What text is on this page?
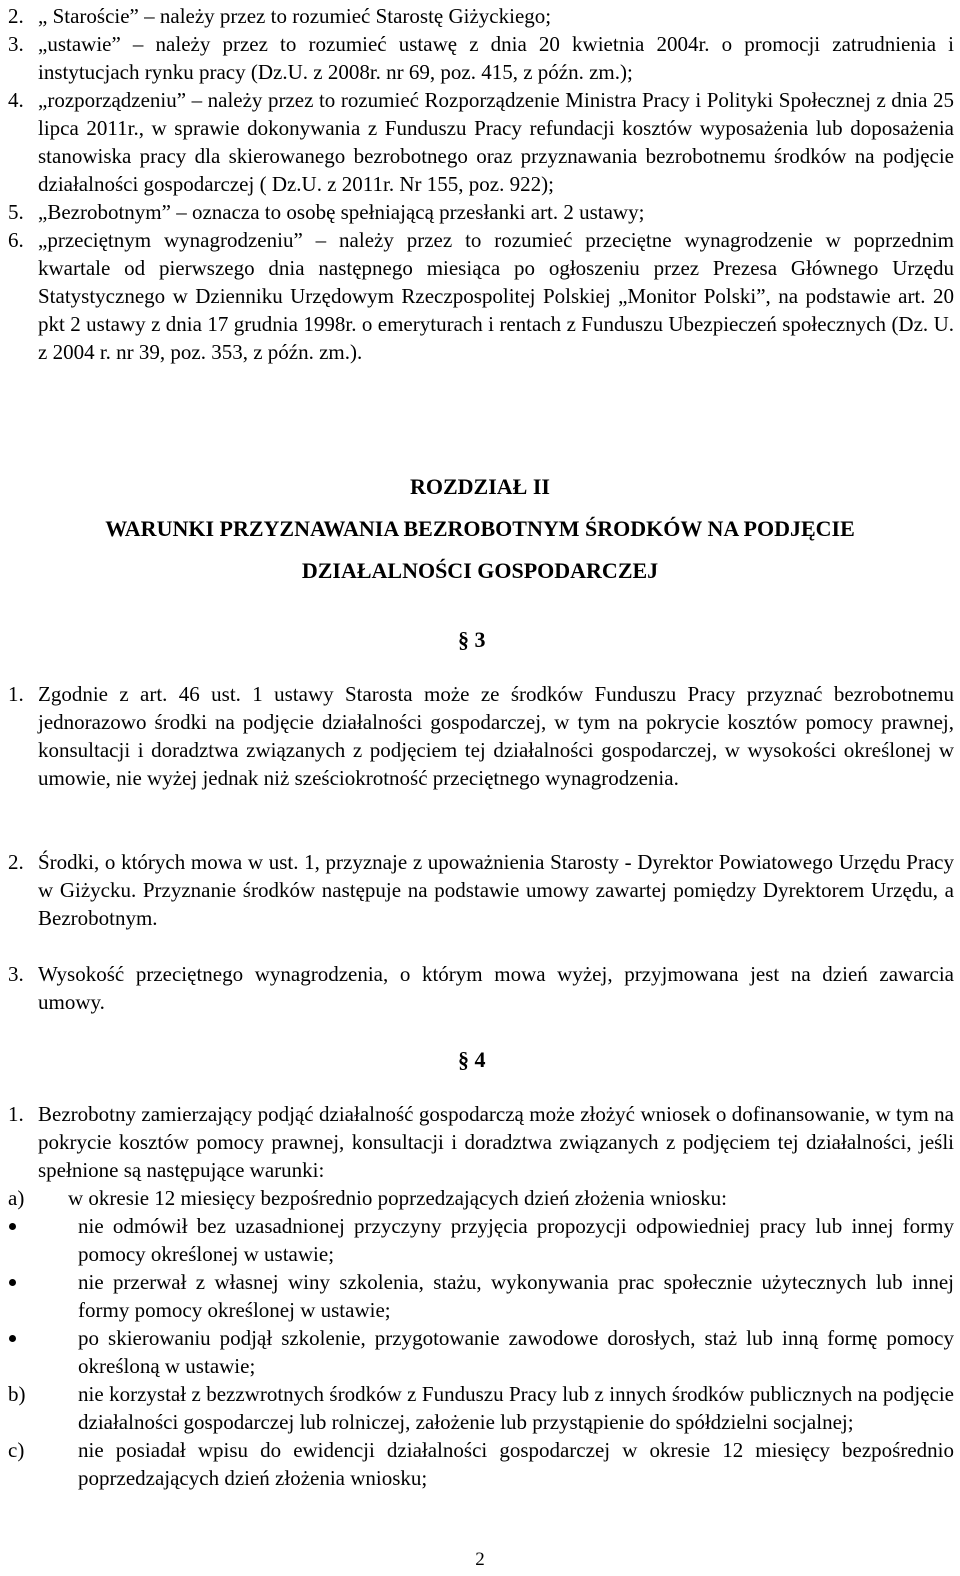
2. „ Staroście” – należy przez to rozumieć Starostę Giżyckiego;
3. „ustawie” – należy przez to rozumieć ustawę z dnia 20 kwietnia 2004r. o promocji zatrudnienia i instytucjach rynku pracy (Dz.U. z 2008r. nr 69, poz. 415, z późn. zm.);
4. „rozporządzeniu” – należy przez to rozumieć Rozporządzenie Ministra Pracy i Polityki Społecznej z dnia 25 lipca 2011r., w sprawie dokonywania z Funduszu Pracy refundacji kosztów wyposażenia lub doposażenia stanowiska pracy dla skierowanego bezrobotnego oraz przyznawania bezrobotnemu środków na podjęcie działalności gospodarczej ( Dz.U. z 2011r. Nr 155, poz. 922);
5. „Bezrobotnym” – oznacza to osobę spełniającą przesłanki art. 2 ustawy;
6. „przeciętnym wynagrodzeniu” – należy przez to rozumieć przeciętne wynagrodzenie w poprzednim kwartale od pierwszego dnia następnego miesiąca po ogłoszeniu przez Prezesa Głównego Urzędu Statystycznego w Dzienniku Urzędowym Rzeczpospolitej Polskiej „Monitor Polski”, na podstawie art. 20 pkt 2 ustawy z dnia 17 grudnia 1998r. o emeryturach i rentach z Funduszu Ubezpieczeń społecznych (Dz. U. z 2004 r. nr 39, poz. 353, z późn. zm.).
ROZDZIAŁ II
WARUNKI PRZYZNAWANIA BEZROBOTNYM ŚRODKÓW NA PODJĘCIE
DZIAŁALNOŚCI GOSPODARCZEJ
§ 3
1. Zgodnie z art. 46 ust. 1 ustawy Starosta może ze środków Funduszu Pracy przyznać bezrobotnemu jednorazowo środki na podjęcie działalności gospodarczej, w tym na pokrycie kosztów pomocy prawnej, konsultacji i doradztwa związanych z podjęciem tej działalności gospodarczej, w wysokości określonej w umowie, nie wyżej jednak niż sześciokrotność przeciętnego wynagrodzenia.
2. Środki, o których mowa w ust. 1, przyznaje z upoważnienia Starosty - Dyrektor Powiatowego Urzędu Pracy w Giżycku. Przyznanie środków następuje na podstawie umowy zawartej pomiędzy Dyrektorem Urzędu, a Bezrobotnym.
3. Wysokość przeciętnego wynagrodzenia, o którym mowa wyżej, przyjmowana jest na dzień zawarcia umowy.
§ 4
1. Bezrobotny zamierzający podjąć działalność gospodarczą może złożyć wniosek o dofinansowanie, w tym na pokrycie kosztów pomocy prawnej, konsultacji i doradztwa związanych z podjęciem tej działalności, jeśli spełnione są następujące warunki:
a) w okresie 12 miesięcy bezpośrednio poprzedzających dzień złożenia wniosku:
nie odmówił bez uzasadnionej przyczyny przyjęcia propozycji odpowiedniej pracy lub innej formy pomocy określonej w ustawie;
nie przerwał z własnej winy szkolenia, stażu, wykonywania prac społecznie użytecznych lub innej formy pomocy określonej w ustawie;
po skierowaniu podjął szkolenie, przygotowanie zawodowe dorosłych, staż lub inną formę pomocy określoną w ustawie;
b)	nie korzystał z bezzwrotnych środków z Funduszu Pracy lub z innych środków publicznych na podjęcie działalności gospodarczej lub rolniczej, założenie lub przystąpienie do spółdzielni socjalnej;
c)	nie posiadał wpisu do ewidencji działalności gospodarczej w okresie 12 miesięcy bezpośrednio poprzedzających dzień złożenia wniosku;
2
